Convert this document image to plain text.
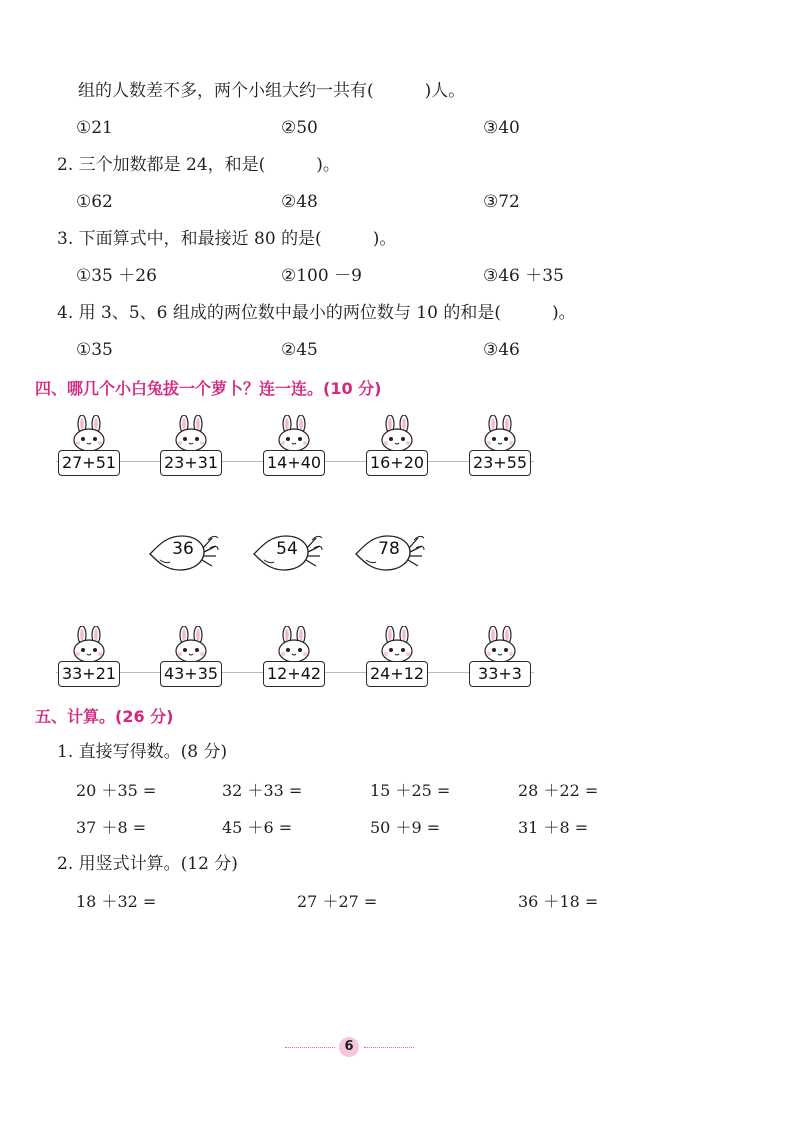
组的人数差不多，两个小组大约一共有(　　　)人。
①21	②50	③40
2. 三个加数都是 24，和是(　　　)。
①62	②48	③72
3. 下面算式中，和最接近 80 的是(　　　)。
①35 ＋26	②100 －9	③46 ＋35
4. 用 3、5、6 组成的两位数中最小的两位数与 10 的和是(　　　)。
①35	②45	③46
四、哪几个小白兔拔一个萝卜？连一连。(10 分)
27+51	23+31	14+40	16+20	23+55
36	54	78
33+21	43+35	12+42	24+12	33+3
五、计算。(26 分)
1. 直接写得数。(8 分)
20 ＋35 =	32 ＋33 =	15 ＋25 =	28 ＋22 =
37 ＋8 =	45 ＋6 =	50 ＋9 =	31 ＋8 =
2. 用竖式计算。(12 分)
18 ＋32 =	27 ＋27 =	36 ＋18 =
6
